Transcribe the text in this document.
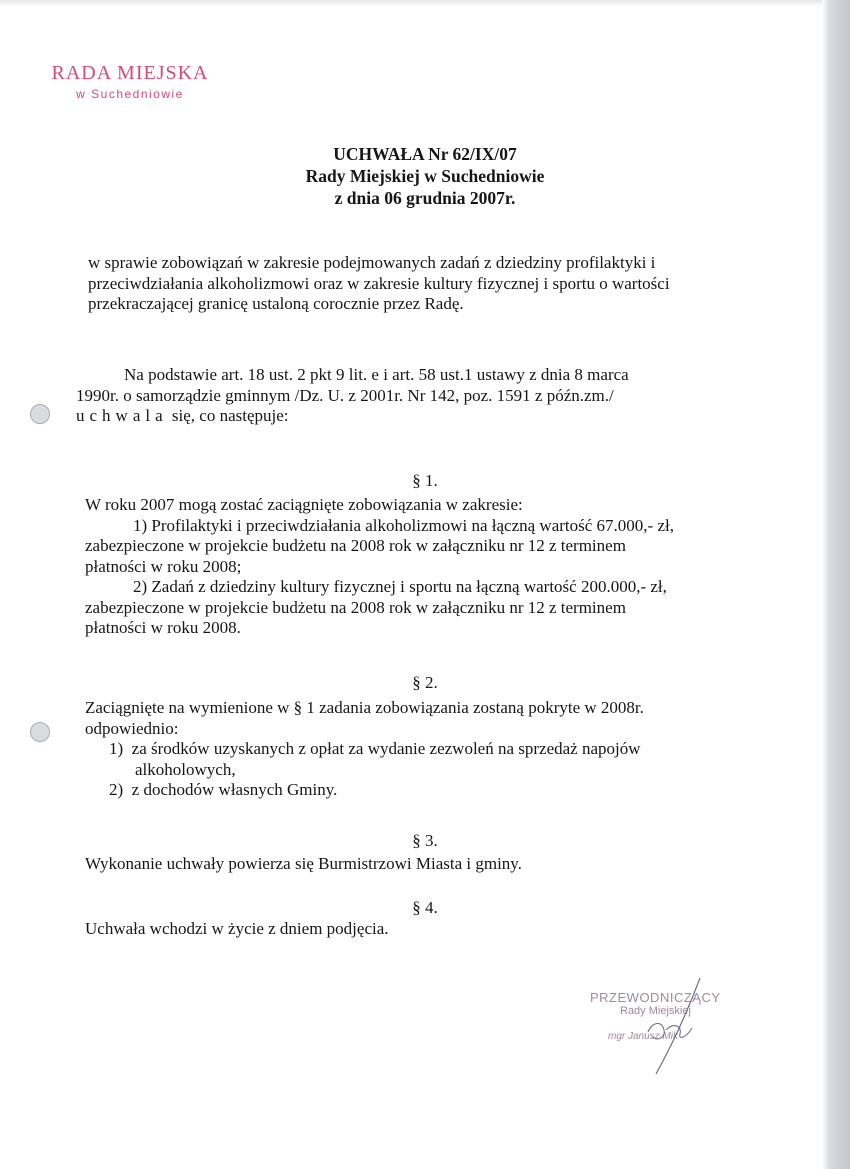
RADA MIEJSKA
w Suchedniowie
UCHWAŁA Nr 62/IX/07
Rady Miejskiej w Suchedniowie
z dnia 06 grudnia 2007r.
w sprawie zobowiązań w zakresie podejmowanych zadań z dziedziny profilaktyki i
przeciwdziałania alkoholizmowi oraz w zakresie kultury fizycznej i sportu o wartości
przekraczającej granicę ustaloną corocznie przez Radę.
Na podstawie art. 18 ust. 2 pkt 9 lit. e i art. 58 ust.1 ustawy z dnia 8 marca
1990r. o samorządzie gminnym /Dz. U. z 2001r. Nr 142, poz. 1591 z późn.zm./
uchwala się, co następuje:
§ 1.
W roku 2007 mogą zostać zaciągnięte zobowiązania w zakresie:
1) Profilaktyki i przeciwdziałania alkoholizmowi na łączną wartość 67.000,- zł,
zabezpieczone w projekcie budżetu na 2008 rok w załączniku nr 12 z terminem
płatności w roku 2008;
2) Zadań z dziedziny kultury fizycznej i sportu na łączną wartość 200.000,- zł,
zabezpieczone w projekcie budżetu na 2008 rok w załączniku nr 12 z terminem
płatności w roku 2008.
§ 2.
Zaciągnięte na wymienione w § 1 zadania zobowiązania zostaną pokryte w 2008r.
odpowiednio:
1) za środków uzyskanych z opłat za wydanie zezwoleń na sprzedaż napojów
alkoholowych,
2) z dochodów własnych Gminy.
§ 3.
Wykonanie uchwały powierza się Burmistrzowi Miasta i gminy.
§ 4.
Uchwała wchodzi w życie z dniem podjęcia.
PRZEWODNICZĄCY
Rady Miejskiej
mgr Janusz Mik
